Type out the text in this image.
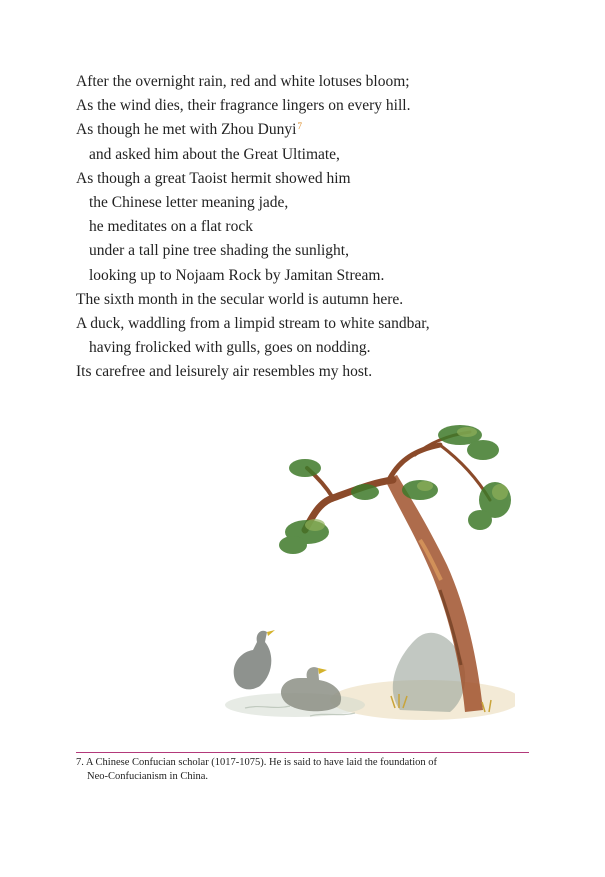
After the overnight rain, red and white lotuses bloom;
As the wind dies, their fragrance lingers on every hill.
As though he met with Zhou Dunyi$^7$
and asked him about the Great Ultimate,
As though a great Taoist hermit showed him
the Chinese letter meaning jade,
he meditates on a flat rock
under a tall pine tree shading the sunlight,
looking up to Nojaam Rock by Jamitan Stream.
The sixth month in the secular world is autumn here.
A duck, waddling from a limpid stream to white sandbar,
having frolicked with gulls, goes on nodding.
Its carefree and leisurely air resembles my host.
7. A Chinese Confucian scholar (1017-1075). He is said to have laid the foundation of
Neo-Confucianism in China.
